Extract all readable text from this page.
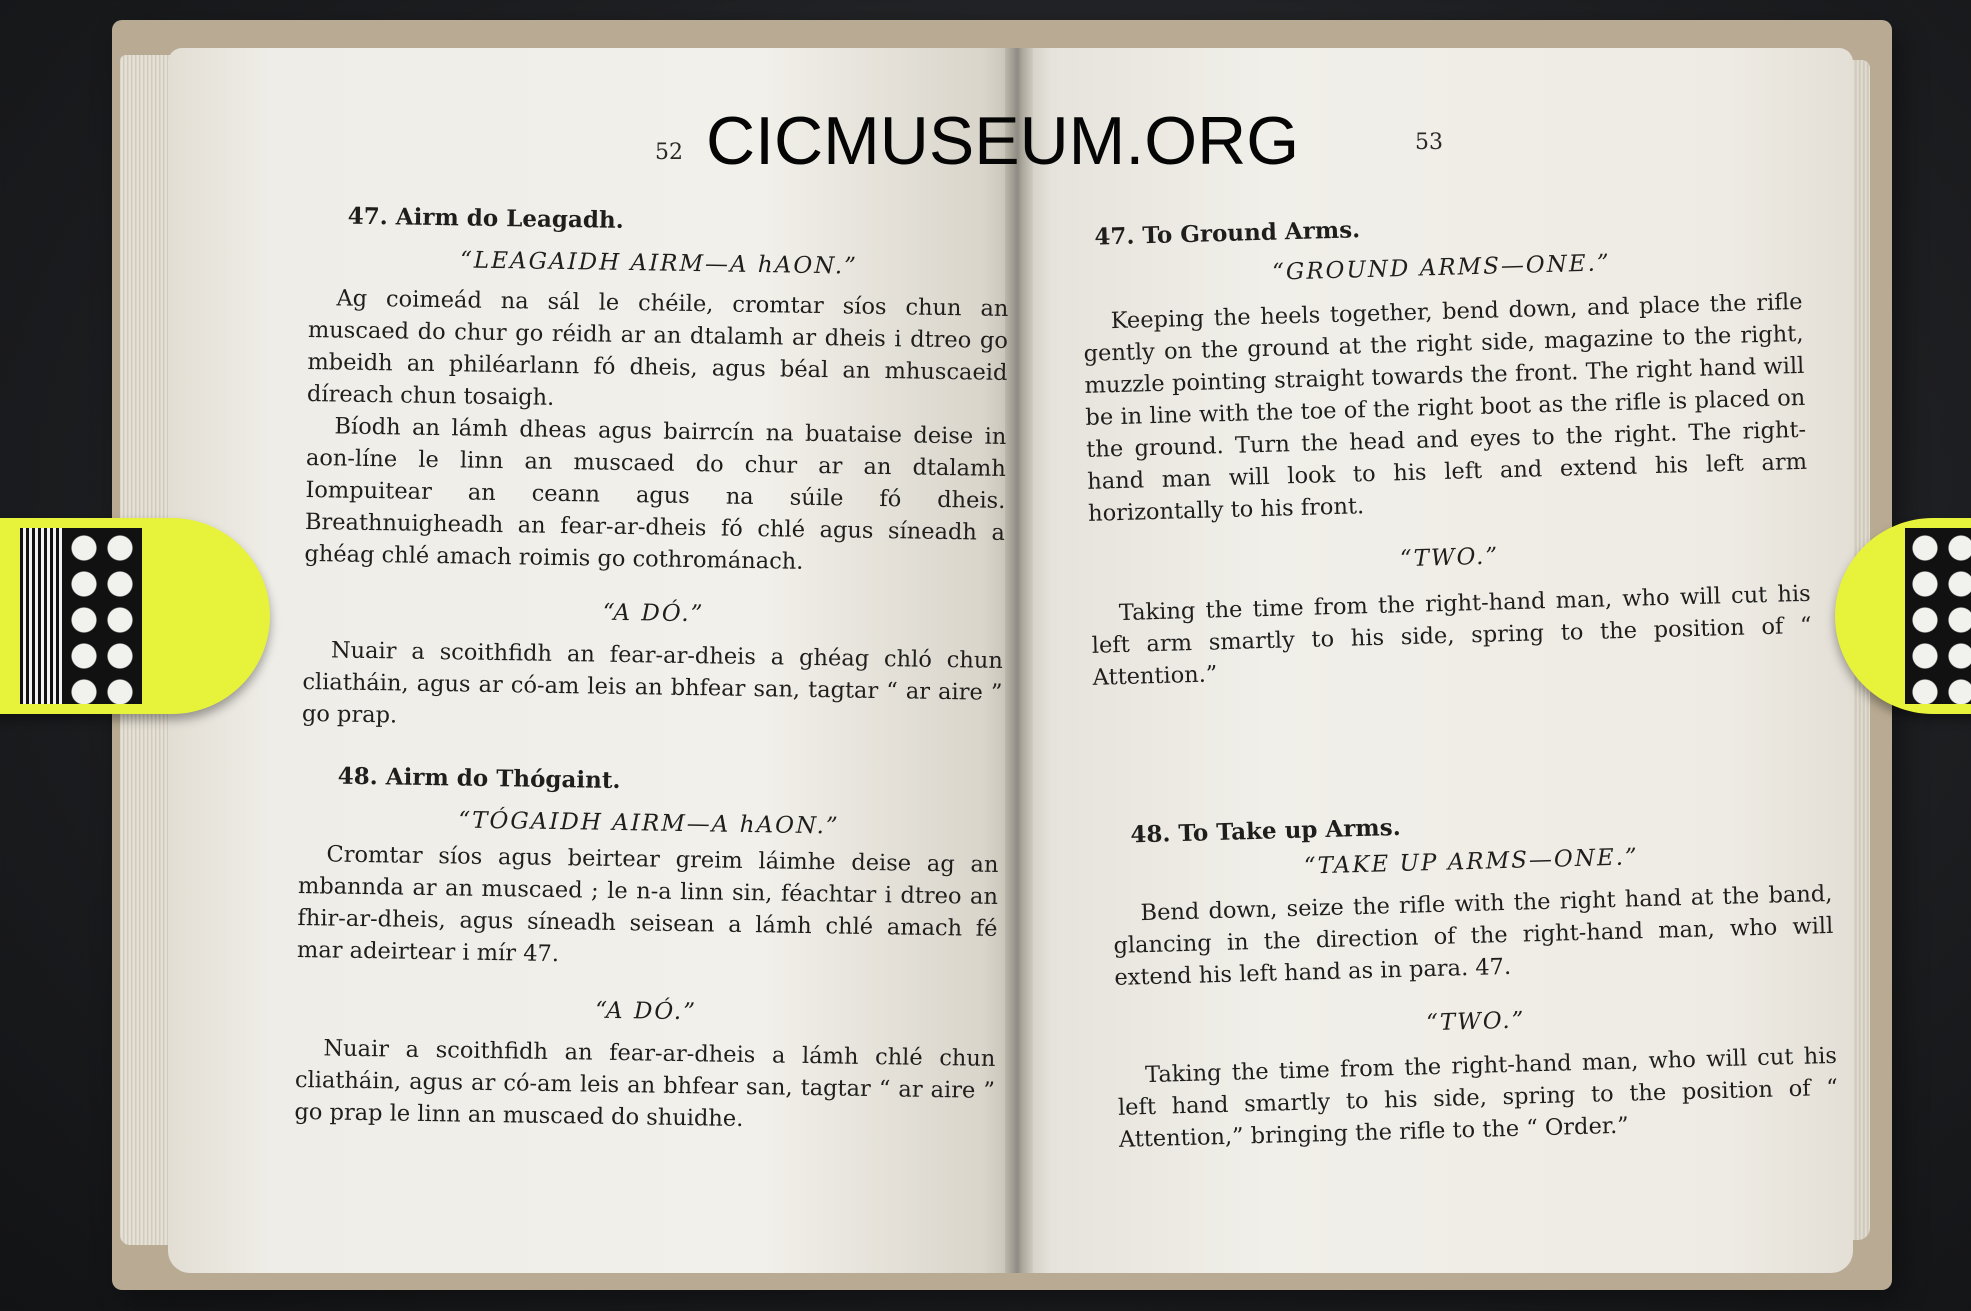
52	53
CICMUSEUM.ORG
47. Airm do Leagadh.
“LEAGAIDH AIRM—A hAON.”

Ag coimeád na sál le chéile, cromtar síos chun an muscaed do chur go réidh ar an dtalamh ar dheis i dtreo go mbeidh an philéarlann fó dheis, agus béal an mhuscaeid díreach chun tosaigh.

Bíodh an lámh dheas agus bairrcín na buataise deise in aon-líne le linn an muscaed do chur ar an dtalamh Iompuitear an ceann agus na súile fó dheis. Breathnuigheadh an fear-ar-dheis fó chlé agus síneadh a ghéag chlé amach roimis go cothrománach.

“A DÓ.”

Nuair a scoithfidh an fear-ar-dheis a ghéag chló chun cliatháin, agus ar có-am leis an bhfear san, tagtar “ ar aire ” go prap.

48. Airm do Thógaint.
“TÓGAIDH AIRM—A hAON.”

Cromtar síos agus beirtear greim láimhe deise ag an mbannda ar an muscaed ; le n-a linn sin, féachtar i dtreo an fhir-ar-dheis, agus síneadh seisean a lámh chlé amach fé mar adeirtear i mír 47.

“A DÓ.”

Nuair a scoithfidh an fear-ar-dheis a lámh chlé chun cliatháin, agus ar có-am leis an bhfear san, tagtar “ ar aire ” go prap le linn an muscaed do shuidhe.

47. To Ground Arms.
“GROUND ARMS—ONE.”

Keeping the heels together, bend down, and place the rifle gently on the ground at the right side, magazine to the right, muzzle pointing straight towards the front. The right hand will be in line with the toe of the right boot as the rifle is placed on the ground. Turn the head and eyes to the right. The right-hand man will look to his left and extend his left arm horizontally to his front.

“TWO.”

Taking the time from the right-hand man, who will cut his left arm smartly to his side, spring to the position of “ Attention.”

48. To Take up Arms.
“TAKE UP ARMS—ONE.”

Bend down, seize the rifle with the right hand at the band, glancing in the direction of the right-hand man, who will extend his left hand as in para. 47.

“TWO.”

Taking the time from the right-hand man, who will cut his left hand smartly to his side, spring to the position of “ Attention,” bringing the rifle to the “ Order.”
